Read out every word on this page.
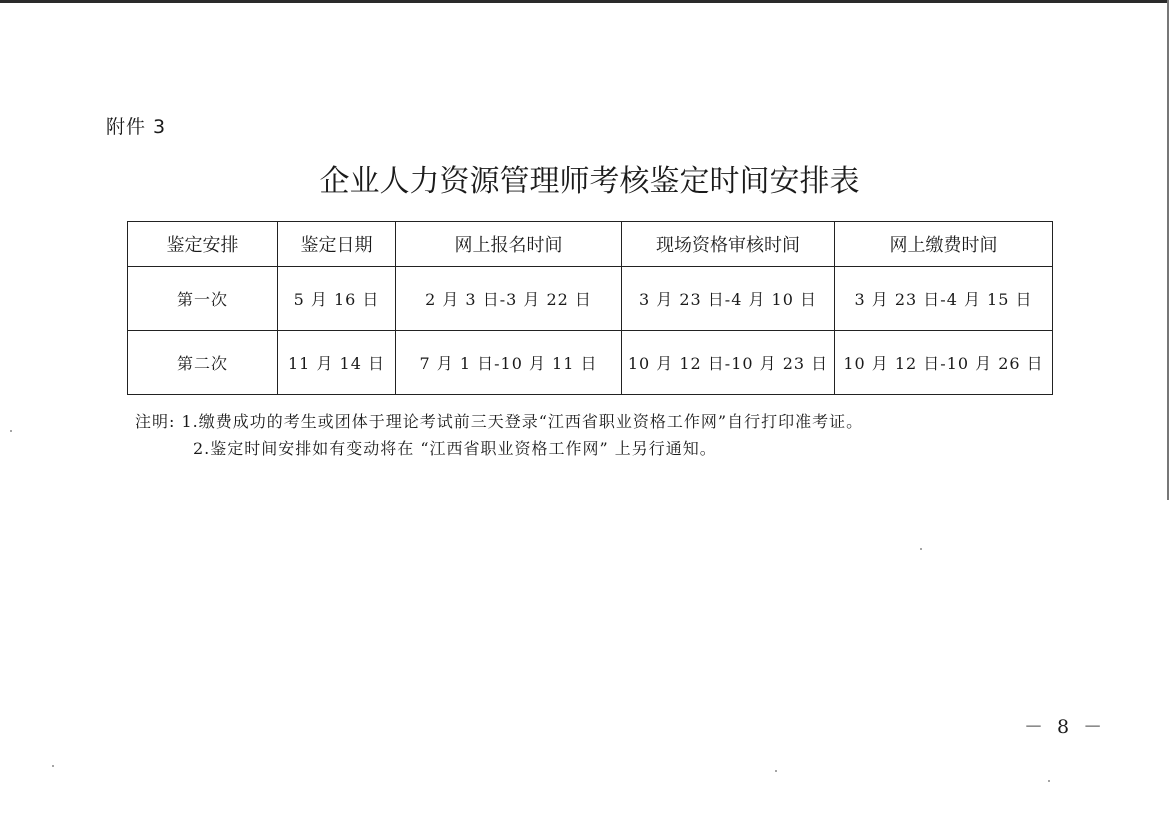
附件 3
企业人力资源管理师考核鉴定时间安排表
鉴定安排	鉴定日期	网上报名时间	现场资格审核时间	网上缴费时间
第一次	5 月 16 日	2 月 3 日-3 月 22 日	3 月 23 日-4 月 10 日	3 月 23 日-4 月 15 日
第二次	11 月 14 日	7 月 1 日-10 月 11 日	10 月 12 日-10 月 23 日	10 月 12 日-10 月 26 日
注明: 1.缴费成功的考生或团体于理论考试前三天登录“江西省职业资格工作网”自行打印准考证。
2.鉴定时间安排如有变动将在 “江西省职业资格工作网” 上另行通知。
－ 8 －
